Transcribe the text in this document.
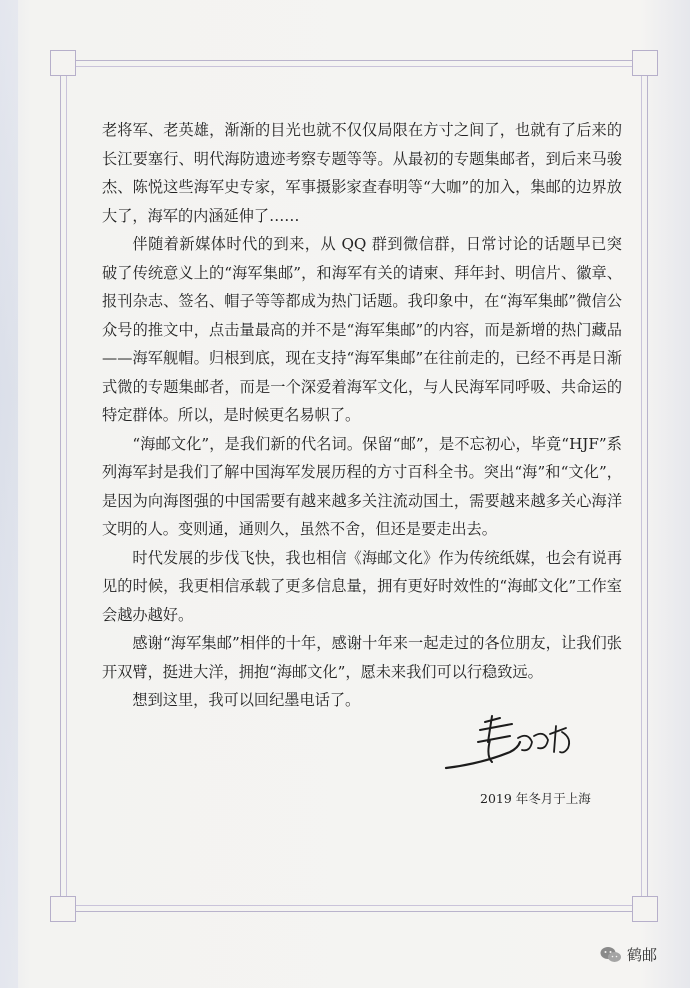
老将军、老英雄，渐渐的目光也就不仅仅局限在方寸之间了，也就有了后来的长江要塞行、明代海防遗迹考察专题等等。从最初的专题集邮者，到后来马骏杰、陈悦这些海军史专家，军事摄影家查春明等“大咖”的加入，集邮的边界放大了，海军的内涵延伸了……

伴随着新媒体时代的到来，从 QQ 群到微信群，日常讨论的话题早已突破了传统意义上的“海军集邮”，和海军有关的请柬、拜年封、明信片、徽章、报刊杂志、签名、帽子等等都成为热门话题。我印象中，在“海军集邮”微信公众号的推文中，点击量最高的并不是“海军集邮”的内容，而是新增的热门藏品——海军舰帽。归根到底，现在支持“海军集邮”在往前走的，已经不再是日渐式微的专题集邮者，而是一个深爱着海军文化，与人民海军同呼吸、共命运的特定群体。所以，是时候更名易帜了。

“海邮文化”，是我们新的代名词。保留“邮”，是不忘初心，毕竟“HJF”系列海军封是我们了解中国海军发展历程的方寸百科全书。突出“海”和“文化”，是因为向海图强的中国需要有越来越多关注流动国土，需要越来越多关心海洋文明的人。变则通，通则久，虽然不舍，但还是要走出去。

时代发展的步伐飞快，我也相信《海邮文化》作为传统纸媒，也会有说再见的时候，我更相信承载了更多信息量，拥有更好时效性的“海邮文化”工作室会越办越好。

感谢“海军集邮”相伴的十年，感谢十年来一起走过的各位朋友，让我们张开双臂，挺进大洋，拥抱“海邮文化”，愿未来我们可以行稳致远。

想到这里，我可以回纪墨电话了。

2019 年冬月于上海
鹤邮
